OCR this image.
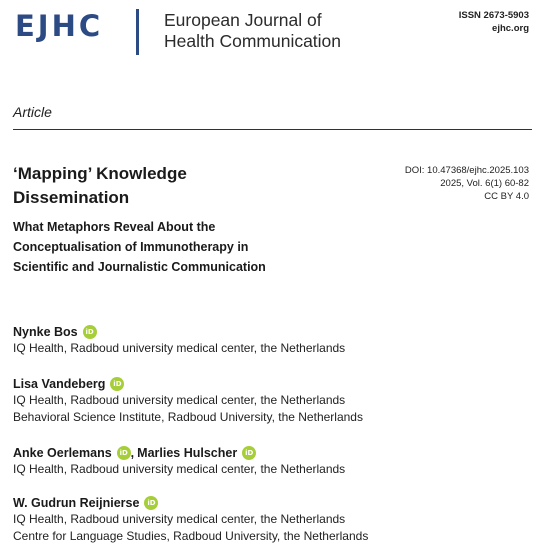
EJHC	European Journal of
Health Communication
ISSN 2673-5903
ejhc.org
Article
‘Mapping’ Knowledge
Dissemination
What Metaphors Reveal About the
Conceptualisation of Immunotherapy in
Scientific and Journalistic Communication
DOI: 10.47368/ejhc.2025.103
2025, Vol. 6(1) 60-82
CC BY 4.0
Nynke Bos	iD
IQ Health, Radboud university medical center, the Netherlands
Lisa Vandeberg	iD
IQ Health, Radboud university medical center, the Netherlands
Behavioral Science Institute, Radboud University, the Netherlands
Anke Oerlemans	iD , Marlies Hulscher	iD
IQ Health, Radboud university medical center, the Netherlands
W. Gudrun Reijnierse	iD
IQ Health, Radboud university medical center, the Netherlands
Centre for Language Studies, Radboud University, the Netherlands
